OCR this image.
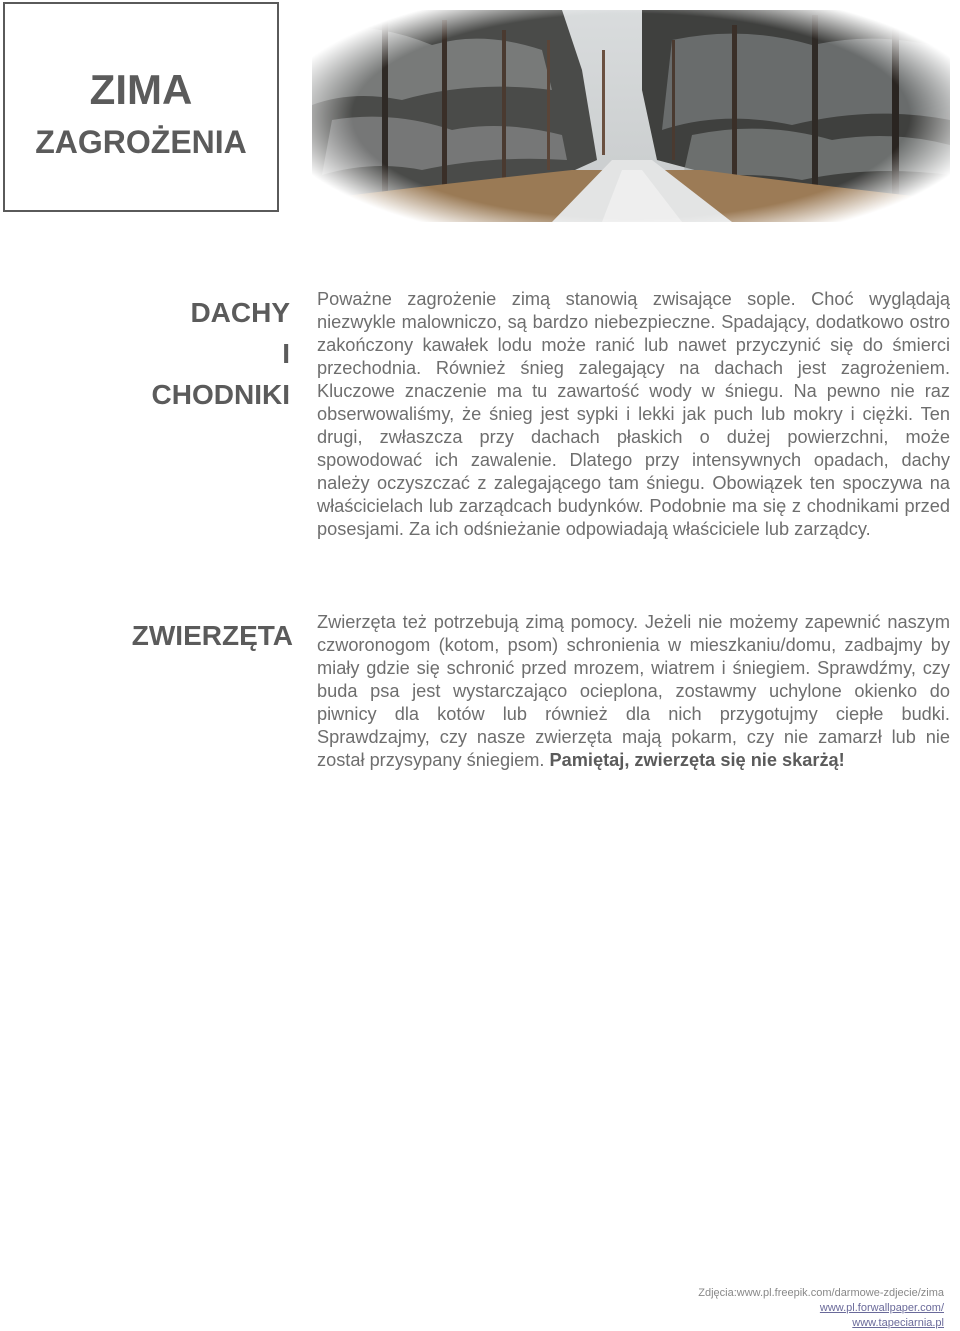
ZIMA
ZAGROŻENIA
DACHY
I
CHODNIKI

Poważne zagrożenie zimą stanowią zwisające sople. Choć wyglądają niezwykle malowniczo, są bardzo niebezpieczne. Spadający, dodatkowo ostro zakończony kawałek lodu może ranić lub nawet przyczynić się do śmierci przechodnia. Również śnieg zalegający na dachach jest zagrożeniem. Kluczowe znaczenie ma tu zawartość wody w śniegu. Na pewno nie raz obserwowaliśmy, że śnieg jest sypki i lekki jak puch lub mokry i ciężki. Ten drugi, zwłaszcza przy dachach płaskich o dużej powierzchni, może spowodować ich zawalenie. Dlatego przy intensywnych opadach, dachy należy oczyszczać z zalegającego tam śniegu. Obowiązek ten spoczywa na właścicielach lub zarządcach budynków. Podobnie ma się z chodnikami przed posesjami. Za ich odśnieżanie odpowiadają właściciele lub zarządcy.

ZWIERZĘTA Zwierzęta też potrzebują zimą pomocy. Jeżeli nie możemy zapewnić naszym czworonogom (kotom, psom) schronienia w mieszkaniu/domu, zadbajmy by miały gdzie się schronić przed mrozem, wiatrem i śniegiem. Sprawdźmy, czy buda psa jest wystarczająco ocieplona, zostawmy uchylone okienko do piwnicy dla kotów lub również dla nich przygotujmy ciepłe budki. Sprawdzajmy, czy nasze zwierzęta mają pokarm, czy nie zamarzł lub nie został przysypany śniegiem. Pamiętaj, zwierzęta się nie skarżą!

Zdjęcia:www.pl.freepik.com/darmowe-zdjecie/zima
www.pl.forwallpaper.com/
www.tapeciarnia.pl
